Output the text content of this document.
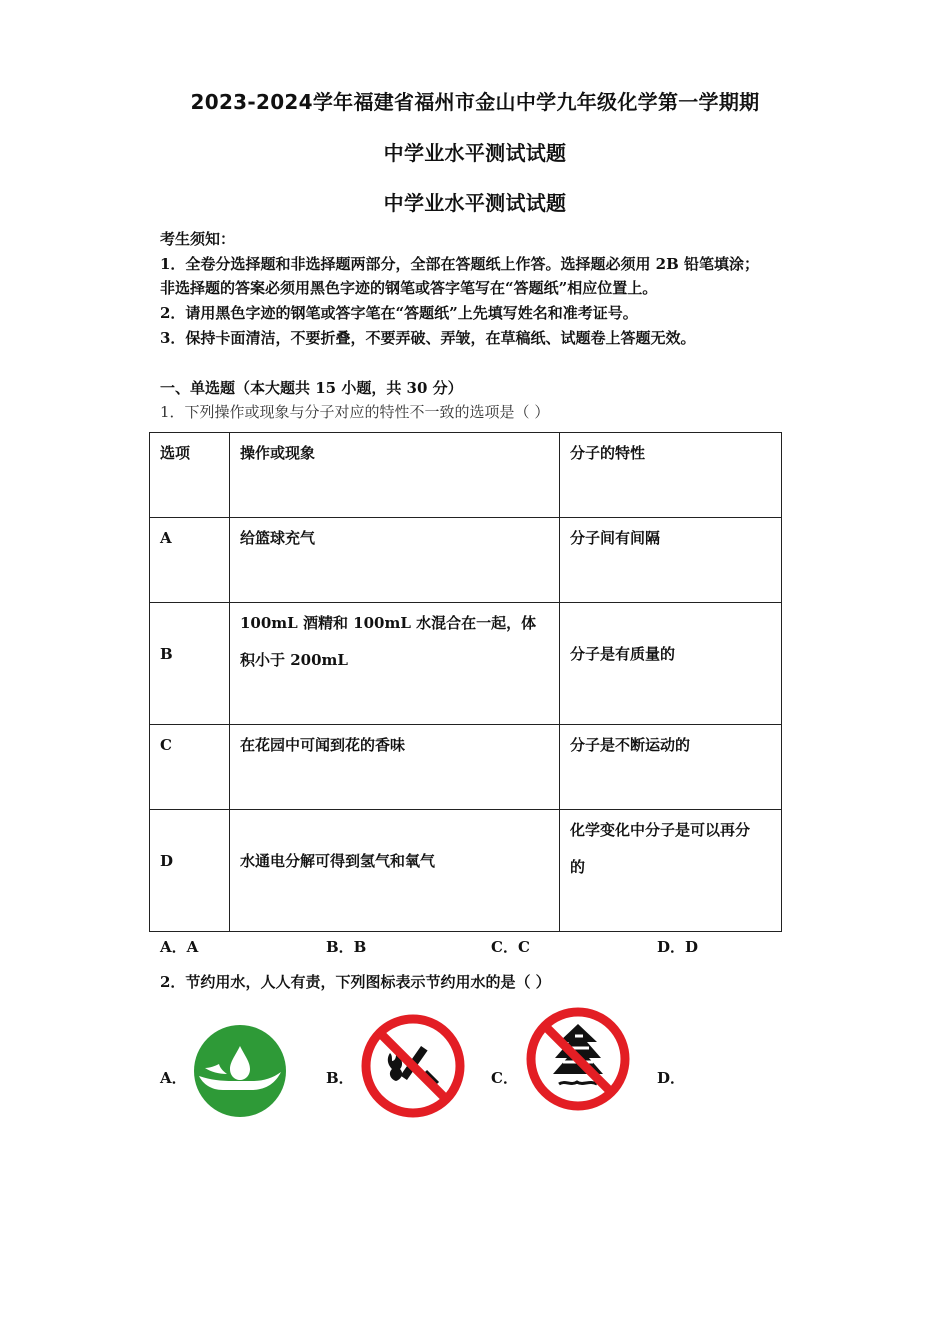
2023-2024学年福建省福州市金山中学九年级化学第一学期期
中学业水平测试试题
中学业水平测试试题
考生须知：
1．全卷分选择题和非选择题两部分，全部在答题纸上作答。选择题必须用 2B 铅笔填涂；
非选择题的答案必须用黑色字迹的钢笔或答字笔写在“答题纸”相应位置上。
2．请用黑色字迹的钢笔或答字笔在“答题纸”上先填写姓名和准考证号。
3．保持卡面清洁，不要折叠，不要弄破、弄皱，在草稿纸、试题卷上答题无效。
一、单选题（本大题共 15 小题，共 30 分）
1．下列操作或现象与分子对应的特性不一致的选项是（ ）
选项	操作或现象	分子的特性

A	给篮球充气	分子间有间隔

B	100mL 酒精和 100mL 水混合在一起，体
积小于 200mL	分子是有质量的

C	在花园中可闻到花的香味	分子是不断运动的

D	水通电分解可得到氢气和氧气	化学变化中分子是可以再分
的
A．A	B．B	C．C	D．D
2．节约用水，人人有责，下列图标表示节约用水的是（ ）
A．	B．	C．	D．
